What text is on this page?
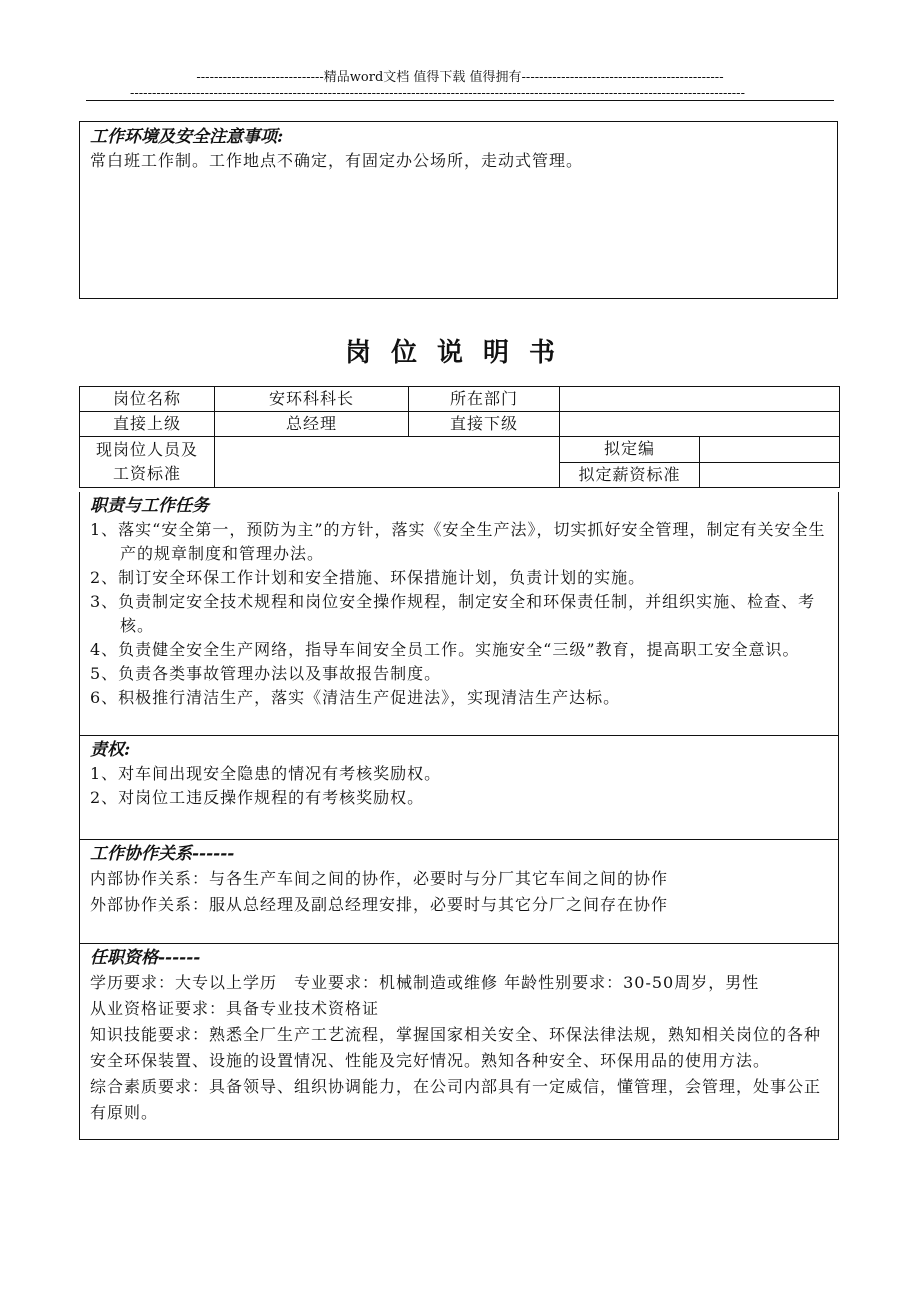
-----------------------------精品word文档 值得下载 值得拥有----------------------------------------------
--------------------------------------------------------------------------------------------------------------------------------------------
工作环境及安全注意事项:
常白班工作制。工作地点不确定，有固定办公场所，走动式管理。
岗位说明书
岗位名称	安环科科长	所在部门		
直接上级	总经理	直接下级		
现岗位人员及工资标准			拟定编	
			拟定薪资标准	
职责与工作任务
1、落实“安全第一，预防为主”的方针，落实《安全生产法》，切实抓好安全管理，制定有关安全生产的规章制度和管理办法。
2、制订安全环保工作计划和安全措施、环保措施计划，负责计划的实施。
3、负责制定安全技术规程和岗位安全操作规程，制定安全和环保责任制，并组织实施、检查、考核。
4、负责健全安全生产网络，指导车间安全员工作。实施安全“三级”教育，提高职工安全意识。
5、负责各类事故管理办法以及事故报告制度。
6、积极推行清洁生产，落实《清洁生产促进法》，实现清洁生产达标。
责权:
1、对车间出现安全隐患的情况有考核奖励权。
2、对岗位工违反操作规程的有考核奖励权。
工作协作关系------
内部协作关系：与各生产车间之间的协作，必要时与分厂其它车间之间的协作
外部协作关系：服从总经理及副总经理安排，必要时与其它分厂之间存在协作
任职资格------
学历要求：大专以上学历　专业要求：机械制造或维修 年龄性别要求：30-50周岁，男性
从业资格证要求：具备专业技术资格证
知识技能要求：熟悉全厂生产工艺流程，掌握国家相关安全、环保法律法规，熟知相关岗位的各种安全环保装置、设施的设置情况、性能及完好情况。熟知各种安全、环保用品的使用方法。
综合素质要求：具备领导、组织协调能力，在公司内部具有一定威信，懂管理，会管理，处事公正有原则。
